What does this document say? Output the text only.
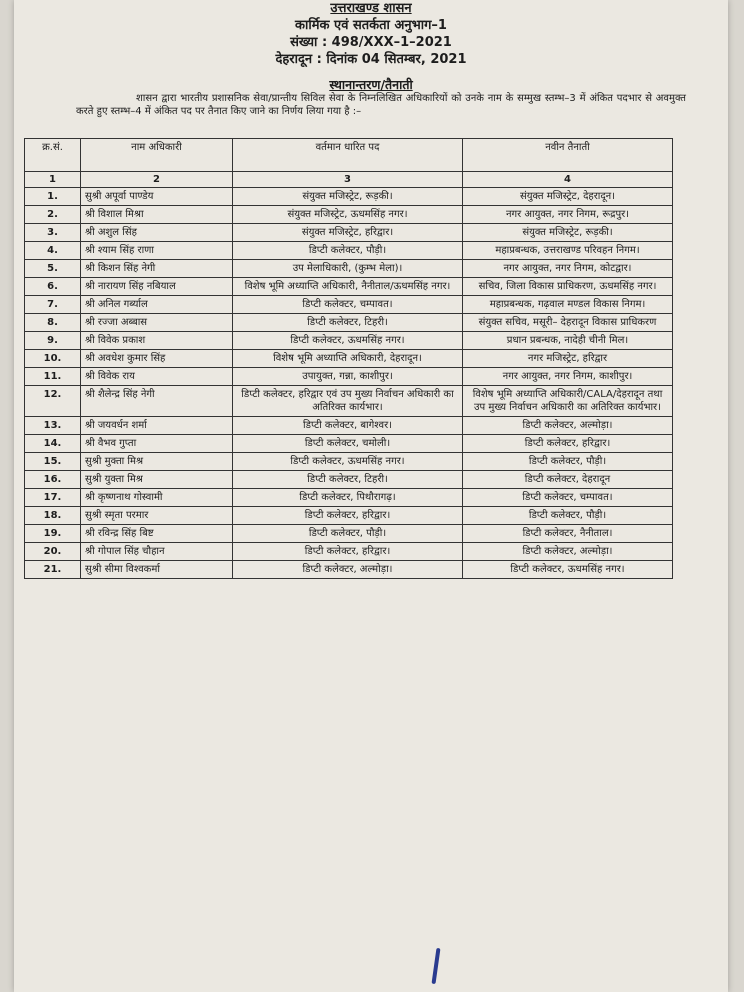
उत्तराखण्ड शासन
कार्मिक एवं सतर्कता अनुभाग–1
संख्या : 498/XXX–1–2021
देहरादून : दिनांक 04 सितम्बर, 2021
स्थानान्तरण/तैनाती
शासन द्वारा भारतीय प्रशासनिक सेवा/प्रान्तीय सिविल सेवा के निम्नलिखित अधिकारियों को उनके नाम के सम्मुख स्तम्भ–3 में अंकित पदभार से अवमुक्त करते हुए स्तम्भ–4 में अंकित पद पर तैनात किए जाने का निर्णय लिया गया है :–
क्र.सं.	नाम अधिकारी	वर्तमान धारित पद	नवीन तैनाती
1	2	3	4
1.	सुश्री अपूर्वा पाण्डेय	संयुक्त मजिस्ट्रेट, रूड़की।	संयुक्त मजिस्ट्रेट, देहरादून।
2.	श्री विशाल मिश्रा	संयुक्त मजिस्ट्रेट, ऊधमसिंह नगर।	नगर आयुक्त, नगर निगम, रूद्रपुर।
3.	श्री अशुल सिंह	संयुक्त मजिस्ट्रेट, हरिद्वार।	संयुक्त मजिस्ट्रेट, रूड़की।
4.	श्री श्याम सिंह राणा	डिप्टी कलेक्टर, पौड़ी।	महाप्रबन्धक, उत्तराखण्ड परिवहन निगम।
5.	श्री किशन सिंह नेगी	उप मेलाधिकारी, (कुम्भ मेला)।	नगर आयुक्त, नगर निगम, कोटद्वार।
6.	श्री नारायण सिंह नबियाल	विशेष भूमि अध्याप्ति अधिकारी, नैनीताल/ऊधमसिंह नगर।	सचिव, जिला विकास प्राधिकरण, ऊधमसिंह नगर।
7.	श्री अनिल गर्ब्याल	डिप्टी कलेक्टर, चम्पावत।	महाप्रबन्धक, गढ़वाल मण्डल विकास निगम।
8.	श्री रज्जा अब्बास	डिप्टी कलेक्टर, टिहरी।	संयुक्त सचिव, मसूरी– देहरादून विकास प्राधिकरण
9.	श्री विवेक प्रकाश	डिप्टी कलेक्टर, ऊधमसिंह नगर।	प्रधान प्रबन्धक, नादेही चीनी मिल।
10.	श्री अवधेश कुमार सिंह	विशेष भूमि अध्याप्ति अधिकारी, देहरादून।	नगर मजिस्ट्रेट, हरिद्वार
11.	श्री विवेक राय	उपायुक्त, गन्ना, काशीपुर।	नगर आयुक्त, नगर निगम, काशीपुर।
12.	श्री शैलेन्द्र सिंह नेगी	डिप्टी कलेक्टर, हरिद्वार एवं उप मुख्य निर्वाचन अधिकारी का अतिरिक्त कार्यभार।	विशेष भूमि अध्याप्ति अधिकारी/CALA/देहरादून तथा उप मुख्य निर्वाचन अधिकारी का अतिरिक्त कार्यभार।
13.	श्री जयवर्धन शर्मा	डिप्टी कलेक्टर, बागेश्वर।	डिप्टी कलेक्टर, अल्मोड़ा।
14.	श्री वैभव गुप्ता	डिप्टी कलेक्टर, चमोली।	डिप्टी कलेक्टर, हरिद्वार।
15.	सुश्री मुक्ता मिश्र	डिप्टी कलेक्टर, ऊधमसिंह नगर।	डिप्टी कलेक्टर, पौड़ी।
16.	सुश्री युक्ता मिश्र	डिप्टी कलेक्टर, टिहरी।	डिप्टी कलेक्टर, देहरादून
17.	श्री कृष्णनाथ गोस्वामी	डिप्टी कलेक्टर, पिथौरागढ़।	डिप्टी कलेक्टर, चम्पावत।
18.	सुश्री स्मृता परमार	डिप्टी कलेक्टर, हरिद्वार।	डिप्टी कलेक्टर, पौड़ी।
19.	श्री रविन्द्र सिंह बिष्ट	डिप्टी कलेक्टर, पौड़ी।	डिप्टी कलेक्टर, नैनीताल।
20.	श्री गोपाल सिंह चौहान	डिप्टी कलेक्टर, हरिद्वार।	डिप्टी कलेक्टर, अल्मोड़ा।
21.	सुश्री सीमा विश्वकर्मा	डिप्टी कलेक्टर, अल्मोड़ा।	डिप्टी कलेक्टर, ऊधमसिंह नगर।
